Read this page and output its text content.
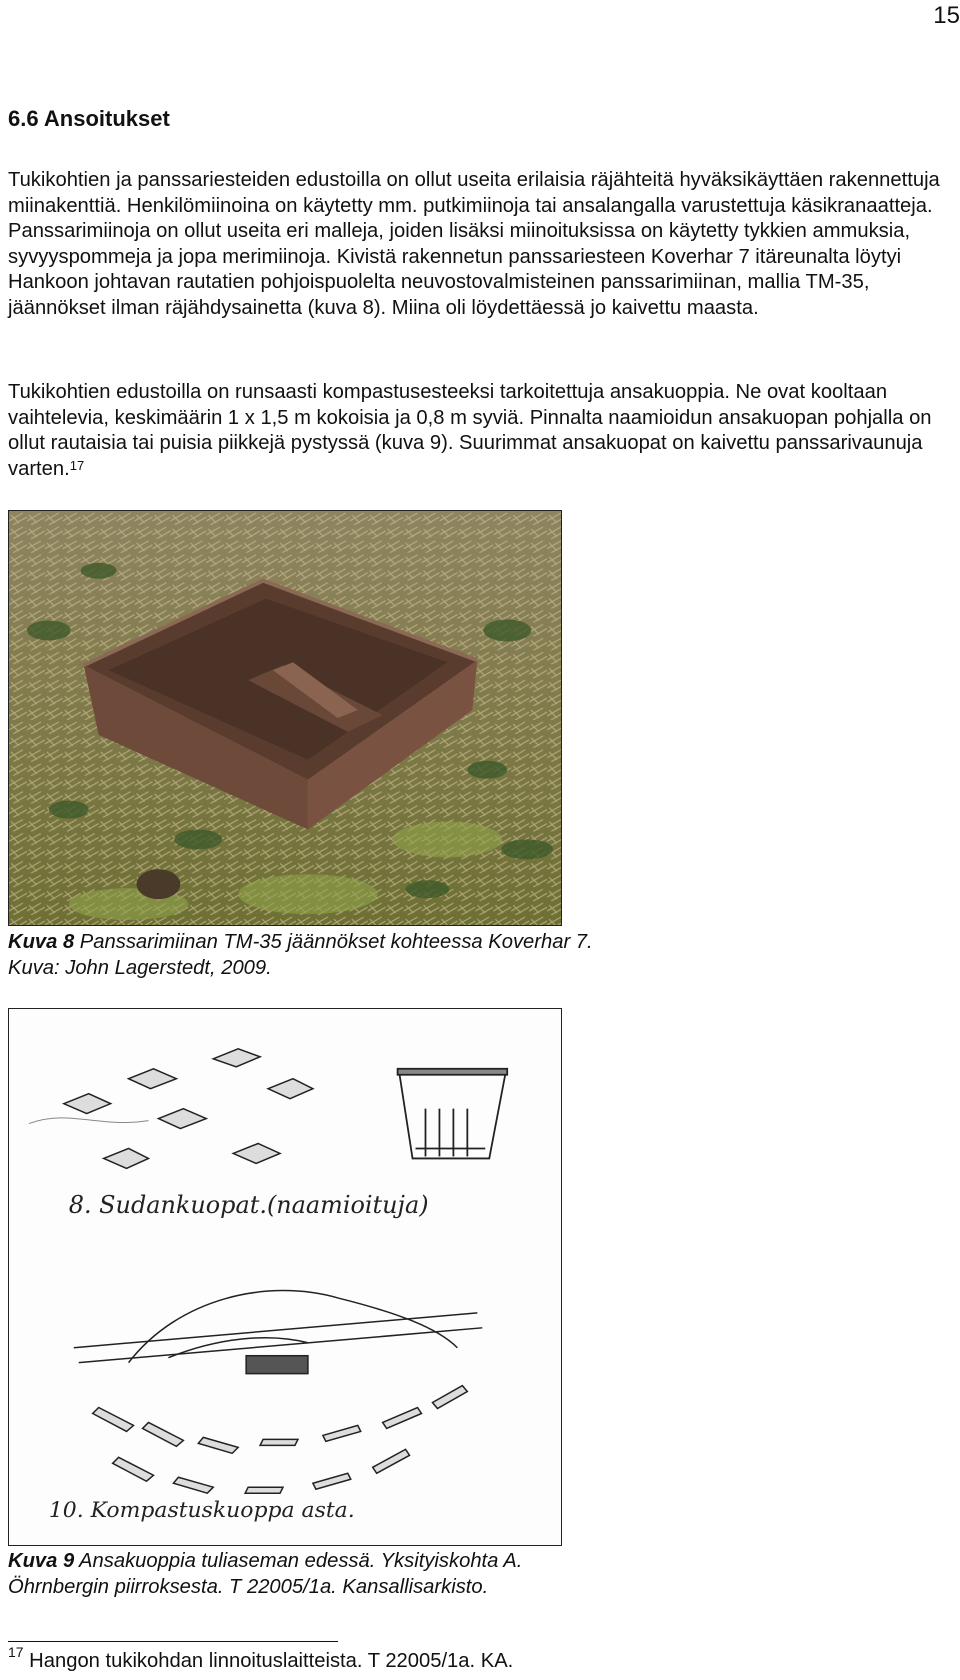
15
6.6 Ansoitukset

Tukikohtien ja panssariesteiden edustoilla on ollut useita erilaisia räjähteitä hyväksikäyttäen rakennettuja miinakenttiä. Henkilömiinoina on käytetty mm. putkimiinoja tai ansalangalla varustettuja käsikranaatteja. Panssarimiinoja on ollut useita eri malleja, joiden lisäksi miinoituksissa on käytetty tykkien ammuksia, syvyyspommeja ja jopa merimiinoja. Kivistä rakennetun panssariesteen Koverhar 7 itäreunalta löytyi Hankoon johtavan rautatien pohjoispuolelta neuvostovalmisteinen panssarimiinan, mallia TM-35, jäännökset ilman räjähdysainetta (kuva 8). Miina oli löydettäessä jo kaivettu maasta.

Tukikohtien edustoilla on runsaasti kompastusesteeksi tarkoitettuja ansakuoppia. Ne ovat kooltaan vaihtelevia, keskimäärin 1 x 1,5 m kokoisia ja 0,8 m syviä. Pinnalta naamioidun ansakuopan pohjalla on ollut rautaisia tai puisia piikkejä pystyssä (kuva 9). Suurimmat ansakuopat on kaivettu panssarivaunuja varten.$^{17}$

Kuva 8 Panssarimiinan TM-35 jäännökset kohteessa Koverhar 7. Kuva: John Lagerstedt, 2009.

8. Sudankuopat.(naamioituja)
10. Kompastuskuoppa asta.

Kuva 9 Ansakuoppia tuliaseman edessä. Yksityiskohta A. Öhrnbergin piirroksesta. T 22005/1a. Kansallisarkisto.

$^{17}$ Hangon tukikohdan linnoituslaitteista. T 22005/1a. KA.
